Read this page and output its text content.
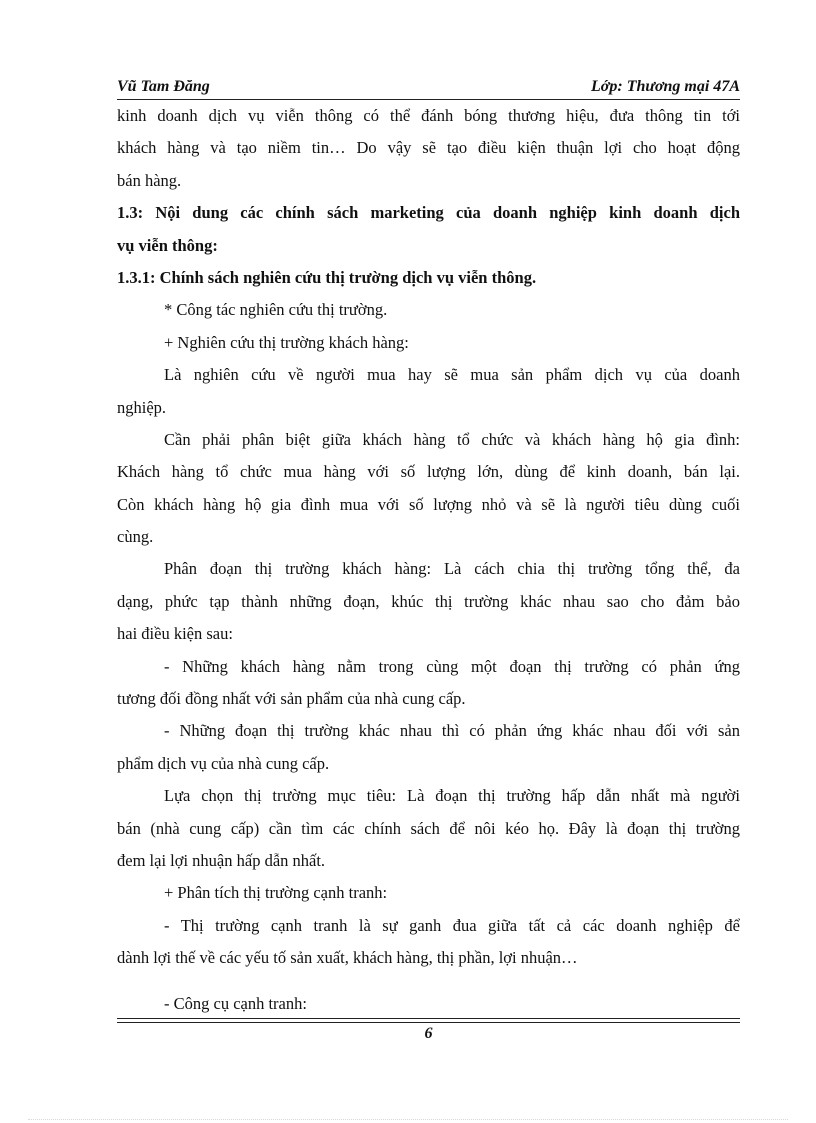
Vũ Tam Đăng	Lớp: Thương mại 47A
kinh doanh dịch vụ viễn thông có thể đánh bóng thương hiệu, đưa thông tin tới
khách hàng và tạo niềm tin… Do vậy sẽ tạo điều kiện thuận lợi cho hoạt động
bán hàng.
1.3: Nội dung các chính sách marketing của doanh nghiệp kinh doanh dịch
vụ viễn thông:
1.3.1: Chính sách nghiên cứu thị trường dịch vụ viễn thông.
* Công tác nghiên cứu thị trường.
+ Nghiên cứu thị trường khách hàng:
Là nghiên cứu về người mua hay sẽ mua sản phẩm dịch vụ của doanh
nghiệp.
Cần phải phân biệt giữa khách hàng tổ chức và khách hàng hộ gia đình:
Khách hàng tổ chức mua hàng với số lượng lớn, dùng để kinh doanh, bán lại.
Còn khách hàng hộ gia đình mua với số lượng nhỏ và sẽ là người tiêu dùng cuối
cùng.
Phân đoạn thị trường khách hàng: Là cách chia thị trường tổng thể, đa
dạng, phức tạp thành những đoạn, khúc thị trường khác nhau sao cho đảm bảo
hai điều kiện sau:
- Những khách hàng nằm trong cùng một đoạn thị trường có phản ứng
tương đối đồng nhất với sản phẩm của nhà cung cấp.
- Những đoạn thị trường khác nhau thì có phản ứng khác nhau đối với sản
phẩm dịch vụ của nhà cung cấp.
Lựa chọn thị trường mục tiêu: Là đoạn thị trường hấp dẫn nhất mà người
bán (nhà cung cấp) cần tìm các chính sách để nôi kéo họ. Đây là đoạn thị trường
đem lại lợi nhuận hấp dẫn nhất.
+ Phân tích thị trường cạnh tranh:
- Thị trường cạnh tranh là sự ganh đua giữa tất cả các doanh nghiệp để
dành lợi thế về các yếu tố sản xuất, khách hàng, thị phần, lợi nhuận…
- Công cụ cạnh tranh:
6
